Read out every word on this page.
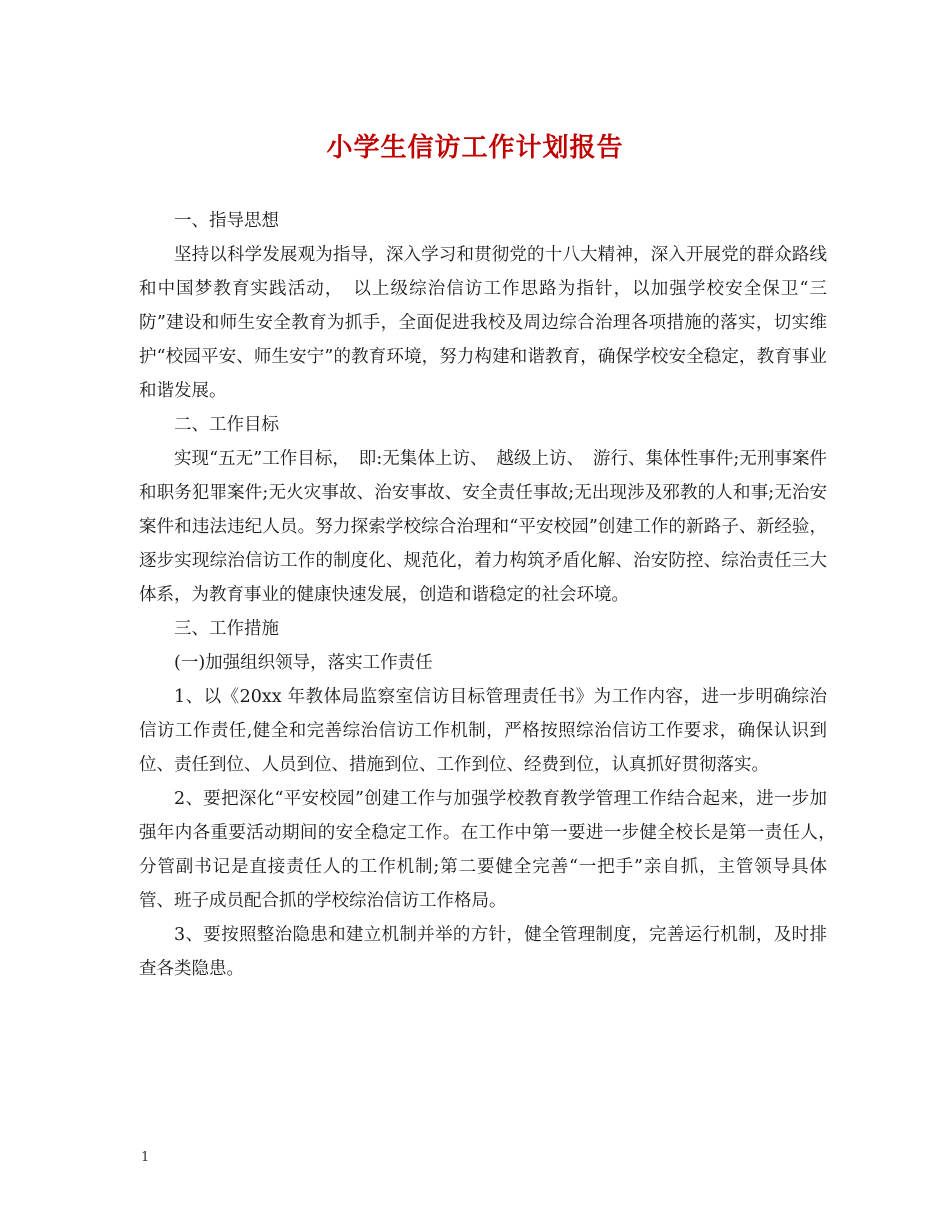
小学生信访工作计划报告

一、指导思想

坚持以科学发展观为指导，深入学习和贯彻党的十八大精神，深入开展党的群众路线和中国梦教育实践活动，　以上级综治信访工作思路为指针，以加强学校安全保卫“三防”建设和师生安全教育为抓手，全面促进我校及周边综合治理各项措施的落实，切实维护“校园平安、师生安宁”的教育环境，努力构建和谐教育，确保学校安全稳定，教育事业和谐发展。

二、工作目标

实现“五无”工作目标，　即:无集体上访、　越级上访、　游行、集体性事件;无刑事案件和职务犯罪案件;无火灾事故、治安事故、安全责任事故;无出现涉及邪教的人和事;无治安案件和违法违纪人员。努力探索学校综合治理和“平安校园”创建工作的新路子、新经验，逐步实现综治信访工作的制度化、规范化，着力构筑矛盾化解、治安防控、综治责任三大体系，为教育事业的健康快速发展，创造和谐稳定的社会环境。

三、工作措施

(一)加强组织领导，落实工作责任

1、以《20xx 年教体局监察室信访目标管理责任书》为工作内容，进一步明确综治信访工作责任,健全和完善综治信访工作机制，严格按照综治信访工作要求，确保认识到位、责任到位、人员到位、措施到位、工作到位、经费到位，认真抓好贯彻落实。

2、要把深化“平安校园”创建工作与加强学校教育教学管理工作结合起来，进一步加强年内各重要活动期间的安全稳定工作。在工作中第一要进一步健全校长是第一责任人，　分管副书记是直接责任人的工作机制;第二要健全完善“一把手”亲自抓，主管领导具体管、班子成员配合抓的学校综治信访工作格局。

3、要按照整治隐患和建立机制并举的方针，健全管理制度，完善运行机制，及时排查各类隐患。

1
